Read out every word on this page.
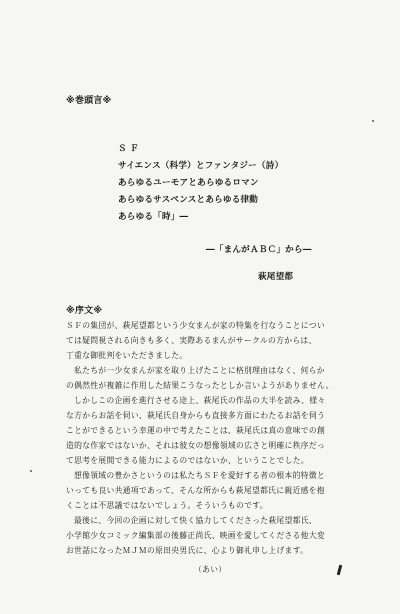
※巻頭言※
Ｓ Ｆ
サイエンス（科学）とファンタジー（詩）
あらゆるユーモアとあらゆるロマン
あらゆるサスペンスとあらゆる律動
あらゆる「時」―
―「まんがＡＢＣ」から―
萩尾望都
※序文※
ＳＦの集団が、萩尾望都という少女まんが家の特集を行なうことについ
ては疑問視される向きも多く、実際あるまんがサークルの方からは、
丁重な御批判をいただきました。
私たちが一少女まんが家を取り上げたことに格別理由はなく、何らか
の偶然性が複雑に作用した結果こうなったとしか言いようがありません。
しかしこの企画を進行させる途上、萩尾氏の作品の大半を読み、様々
な方からお話を伺い、萩尾氏自身からも直接多方面にわたるお話を伺う
ことができるという幸運の中で考えたことは、萩尾氏は真の意味での創
造的な作家ではないか、それは彼女の想像領域の広さと明確に秩序だっ
て思考を展開できる能力によるのではないか、ということでした。
想像領域の豊かさというのは私たちＳＦを愛好する者の根本的特徴と
いっても良い共通項であって、そんな所からも萩尾望都氏に親近感を抱
くことは不思議ではないでしょう。そういうものです。
最後に、今回の企画に対して快く協力してくださった萩尾望都氏、
小学館少女コミック編集部の後藤正尚氏、映画を愛してくださる他大変
お世話になったＭＪＭの原田央男氏に、心より御礼申し上げます。
（あい）
